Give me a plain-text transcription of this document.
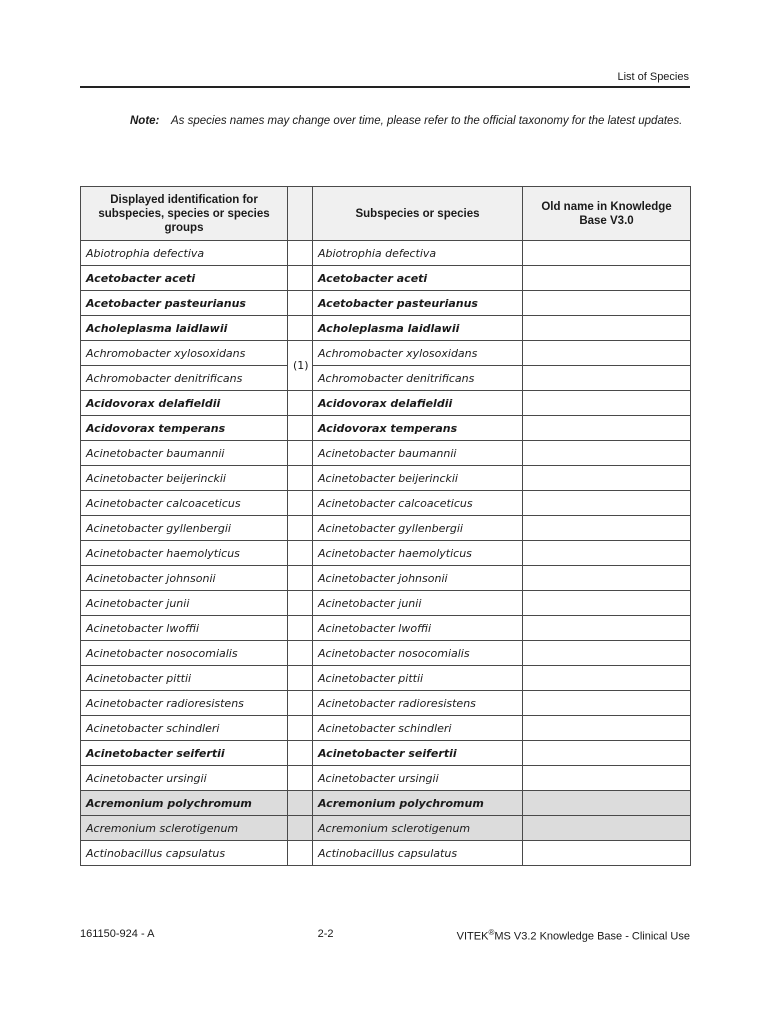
List of Species
Note:	As species names may change over time, please refer to the official taxonomy for the latest updates.
Displayed identification for subspecies, species or species groups		Subspecies or species	Old name in Knowledge Base V3.0
Abiotrophia defectiva		Abiotrophia defectiva	
Acetobacter aceti		Acetobacter aceti	
Acetobacter pasteurianus		Acetobacter pasteurianus	
Acholeplasma laidlawii		Acholeplasma laidlawii	
Achromobacter xylosoxidans	(1)	Achromobacter xylosoxidans	
Achromobacter denitrificans		Achromobacter denitrificans	
Acidovorax delafieldii		Acidovorax delafieldii	
Acidovorax temperans		Acidovorax temperans	
Acinetobacter baumannii		Acinetobacter baumannii	
Acinetobacter beijerinckii		Acinetobacter beijerinckii	
Acinetobacter calcoaceticus		Acinetobacter calcoaceticus	
Acinetobacter gyllenbergii		Acinetobacter gyllenbergii	
Acinetobacter haemolyticus		Acinetobacter haemolyticus	
Acinetobacter johnsonii		Acinetobacter johnsonii	
Acinetobacter junii		Acinetobacter junii	
Acinetobacter lwoffii		Acinetobacter lwoffii	
Acinetobacter nosocomialis		Acinetobacter nosocomialis	
Acinetobacter pittii		Acinetobacter pittii	
Acinetobacter radioresistens		Acinetobacter radioresistens	
Acinetobacter schindleri		Acinetobacter schindleri	
Acinetobacter seifertii		Acinetobacter seifertii	
Acinetobacter ursingii		Acinetobacter ursingii	
Acremonium polychromum		Acremonium polychromum	
Acremonium sclerotigenum		Acremonium sclerotigenum	
Actinobacillus capsulatus		Actinobacillus capsulatus	
161150-924 - A	2-2	VITEK®MS V3.2 Knowledge Base - Clinical Use
